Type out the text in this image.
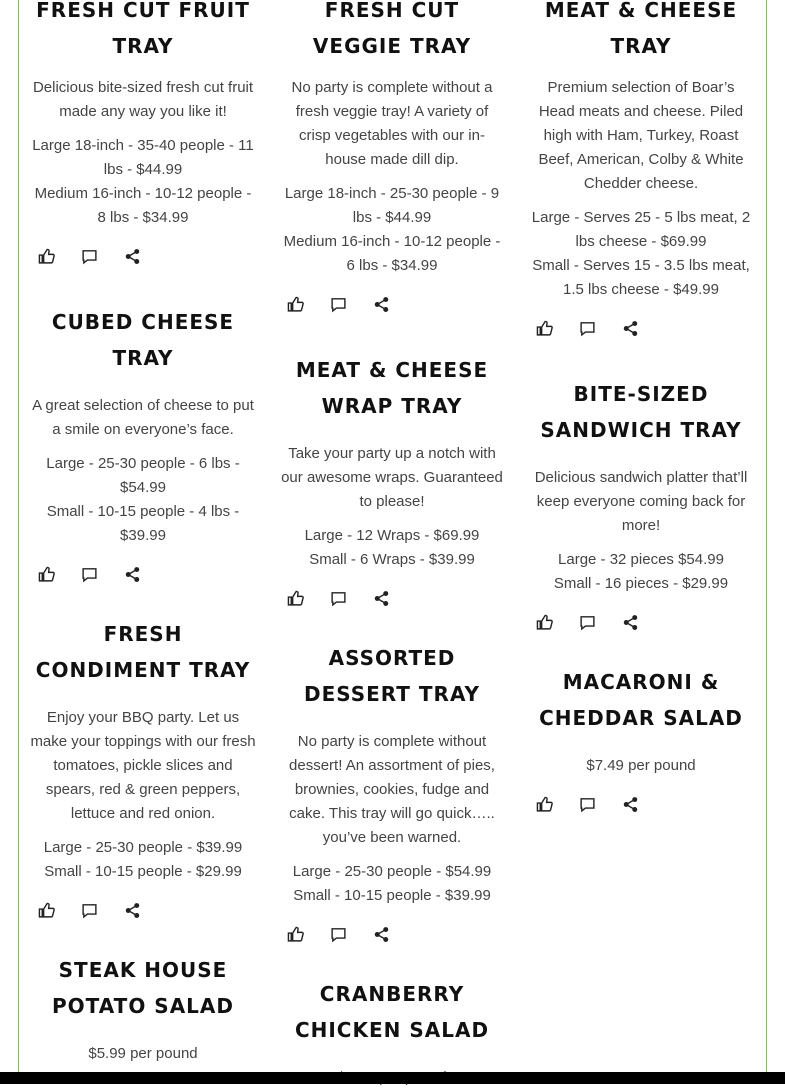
FRESH CUT FRUIT TRAY

Delicious bite-sized fresh cut fruit made any way you like it!

Large 18-inch - 35-40 people - 11 lbs - $44.99
Medium 16-inch - 10-12 people - 8 lbs - $34.99

CUBED CHEESE TRAY

A great selection of cheese to put a smile on everyone’s face.

Large - 25-30 people - 6 lbs - $54.99
Small - 10-15 people - 4 lbs - $39.99

FRESH CONDIMENT TRAY

Enjoy your BBQ party. Let us make your toppings with our fresh tomatoes, pickle slices and spears, red & green peppers, lettuce and red onion.

Large - 25-30 people - $39.99
Small - 10-15 people - $29.99

STEAK HOUSE POTATO SALAD

$5.99 per pound

FRESH CUT VEGGIE TRAY

No party is complete without a fresh veggie tray! A variety of crisp vegetables with our in-house made dill dip.

Large 18-inch - 25-30 people - 9 lbs - $44.99
Medium 16-inch - 10-12 people - 6 lbs - $34.99

MEAT & CHEESE WRAP TRAY

Take your party up a notch with our awesome wraps. Guaranteed to please!

Large - 12 Wraps - $69.99
Small - 6 Wraps - $39.99

ASSORTED DESSERT TRAY

No party is complete without dessert! An assortment of pies, brownies, cookies, fudge and cake. This tray will go quick….. you’ve been warned.

Large - 25-30 people - $54.99
Small - 10-15 people - $39.99

CRANBERRY CHICKEN SALAD

MEAT & CHEESE TRAY

Premium selection of Boar’s Head meats and cheese. Piled high with Ham, Turkey, Roast Beef, American, Colby & White Chedder cheese.

Large - Serves 25 - 5 lbs meat, 2 lbs cheese - $69.99
Small - Serves 15 - 3.5 lbs meat, 1.5 lbs cheese - $49.99

BITE-SIZED SANDWICH TRAY

Delicious sandwich platter that’ll keep everyone coming back for more!

Large - 32 pieces $54.99
Small - 16 pieces - $29.99

MACARONI & CHEDDAR SALAD

$7.49 per pound
